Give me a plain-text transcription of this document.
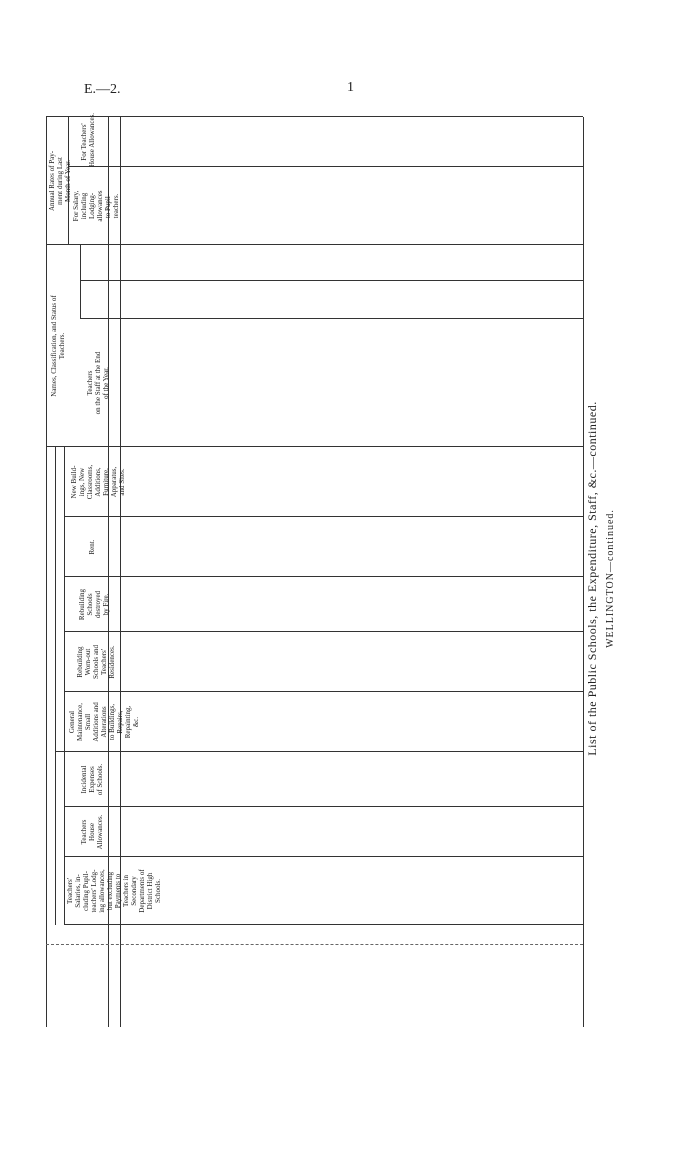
E.—2.	1
List of the Public Schools, the Expenditure, Staff, &c.—continued. WELLINGTON—continued.
Teachers' Salaries, in- cluding Pupil- teachers' Lodg- ing allowances, but excluding Payments to Teachers in Secondary Departments of District High Schools.
Teachers House Allowances.
Incidental Expenses of Schools.
General Maintenance, Small Additions and Alterations to Buildings, Repairs, Repainting, &c.
Rebuilding Worn-out Schools and Teachers' Residences.
Rebuilding Schools destroyed by Fire.
Rent.
New Build- ings, New Classrooms, Additions, Furniture, Apparatus, and Sites.
Names, Classification, and Status of Teachers.
Teachers on the Staff at the End of the Year.
Annual Rates of Pay- ment during Last Month of Year.
For Salary, including Lodging- allowances to Pupil- teachers.
For Teachers' House Allowances.
